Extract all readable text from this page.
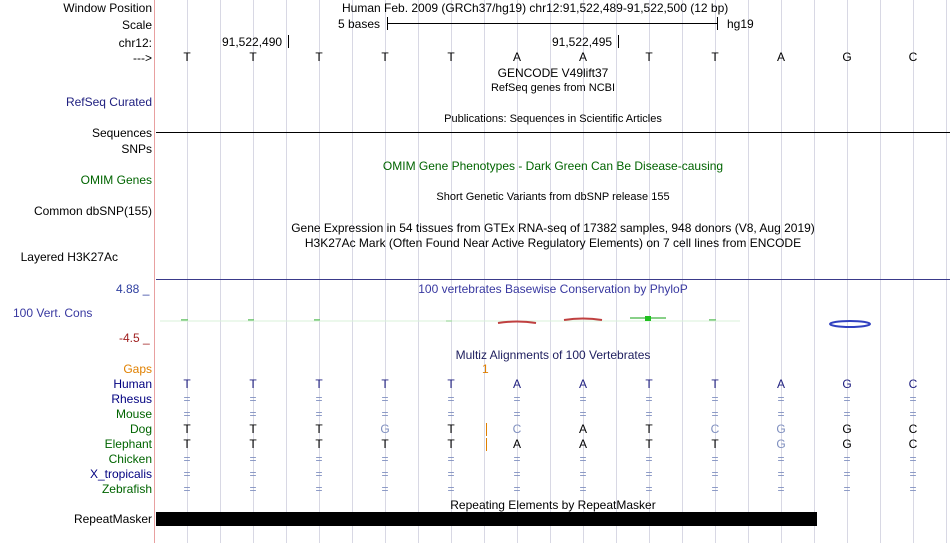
Window Position	Human Feb. 2009 (GRCh37/hg19) chr12:91,522,489-91,522,500 (12 bp)
Scale	5 bases	hg19
chr12:	91,522,490	91,522,495
--->	T	T	T	T	T	A	A	T	T	A	G	C
GENCODE V49lift37
RefSeq genes from NCBI
RefSeq Curated
Publications: Sequences in Scientific Articles
Sequences
SNPs
OMIM Gene Phenotypes - Dark Green Can Be Disease-causing
OMIM Genes
Short Genetic Variants from dbSNP release 155
Common dbSNP(155)
Gene Expression in 54 tissues from GTEx RNA-seq of 17382 samples, 948 donors (V8, Aug 2019)
H3K27Ac Mark (Often Found Near Active Regulatory Elements) on 7 cell lines from ENCODE
Layered H3K27Ac
4.88 _	100 vertebrates Basewise Conservation by PhyloP
100 Vert. Cons
-4.5 _
Multiz Alignments of 100 Vertebrates
Gaps	1
Human	T	T	T	T	T	A	A	T	T	A	G	C
Rhesus	=	=	=	=	=	=	=	=	=	=	=	=
Mouse	=	=	=	=	=	=	=	=	=	=	=	=
Dog	T	T	T	G	T	C	A	T	C	G	G	C
Elephant	T	T	T	T	T	A	A	T	T	G	G	C
Chicken	=	=	=	=	=	=	=	=	=	=	=	=
X_tropicalis	=	=	=	=	=	=	=	=	=	=	=	=
Zebrafish	=	=	=	=	=	=	=	=	=	=	=	=
Repeating Elements by RepeatMasker
RepeatMasker
